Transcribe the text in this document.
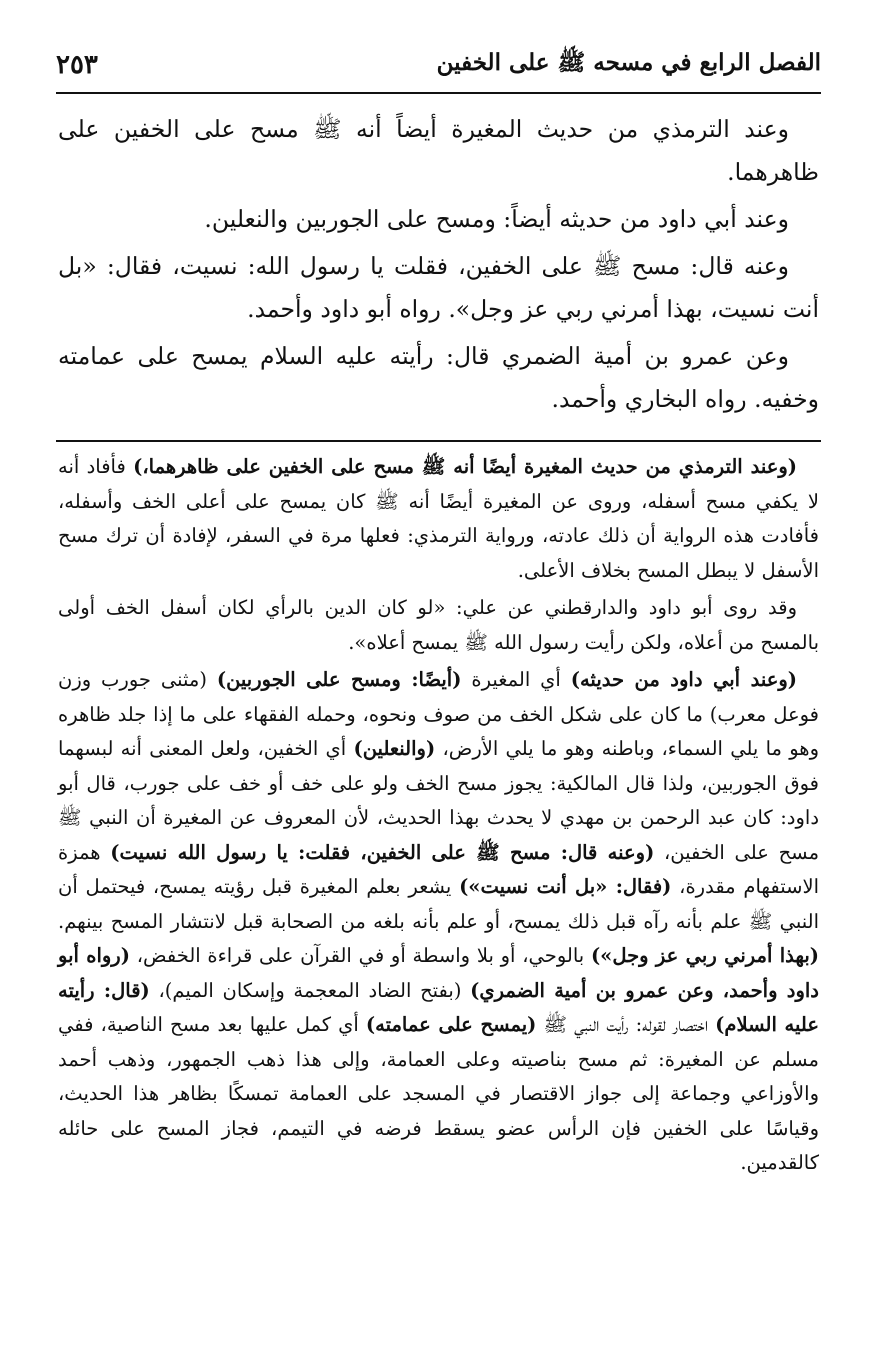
الفصل الرابع في مسحه ﷺ على الخفين
٢٥٣

وعند الترمذي من حديث المغيرة أيضاً أنه ﷺ مسح على الخفين على ظاهرهما.

وعند أبي داود من حديثه أيضاً: ومسح على الجوربين والنعلين.

وعنه قال: مسح ﷺ على الخفين، فقلت يا رسول الله: نسيت، فقال: «بل أنت نسيت، بهذا أمرني ربي عز وجل». رواه أبو داود وأحمد.

وعن عمرو بن أمية الضمري قال: رأيته عليه السلام يمسح على عمامته وخفيه. رواه البخاري وأحمد.

(وعند الترمذي من حديث المغيرة أيضًا أنه ﷺ مسح على الخفين على ظاهرهما،) فأفاد أنه لا يكفي مسح أسفله، وروى عن المغيرة أيضًا أنه ﷺ كان يمسح على أعلى الخف وأسفله، فأفادت هذه الرواية أن ذلك عادته، ورواية الترمذي: فعلها مرة في السفر، لإفادة أن ترك مسح الأسفل لا يبطل المسح بخلاف الأعلى.

وقد روى أبو داود والدارقطني عن علي: «لو كان الدين بالرأي لكان أسفل الخف أولى بالمسح من أعلاه، ولكن رأيت رسول الله ﷺ يمسح أعلاه».

(وعند أبي داود من حديثه) أي المغيرة (أيضًا: ومسح على الجوربين) (مثنى جورب وزن فوعل معرب) ما كان على شكل الخف من صوف ونحوه، وحمله الفقهاء على ما إذا جلد ظاهره وهو ما يلي السماء، وباطنه وهو ما يلي الأرض، (والنعلين) أي الخفين، ولعل المعنى أنه لبسهما فوق الجوربين، ولذا قال المالكية: يجوز مسح الخف ولو على خف أو خف على جورب، قال أبو داود: كان عبد الرحمن بن مهدي لا يحدث بهذا الحديث، لأن المعروف عن المغيرة أن النبي ﷺ مسح على الخفين، (وعنه قال: مسح ﷺ على الخفين، فقلت: يا رسول الله نسيت) همزة الاستفهام مقدرة، (فقال: «بل أنت نسيت») يشعر بعلم المغيرة قبل رؤيته يمسح، فيحتمل أن النبي ﷺ علم بأنه رآه قبل ذلك يمسح، أو علم بأنه بلغه من الصحابة قبل لانتشار المسح بينهم. (بهذا أمرني ربي عز وجل») بالوحي، أو بلا واسطة أو في القرآن على قراءة الخفض، (رواه أبو داود وأحمد، وعن عمرو بن أمية الضمري) (بفتح الضاد المعجمة وإسكان الميم)، (قال: رأيته عليه السلام) اختصار لقوله: رأيت النبي ﷺ (يمسح على عمامته) أي كمل عليها بعد مسح الناصية، ففي مسلم عن المغيرة: ثم مسح بناصيته وعلى العمامة، وإلى هذا ذهب الجمهور، وذهب أحمد والأوزاعي وجماعة إلى جواز الاقتصار في المسجد على العمامة تمسكًا بظاهر هذا الحديث، وقياسًا على الخفين فإن الرأس عضو يسقط فرضه في التيمم، فجاز المسح على حائله كالقدمين.
